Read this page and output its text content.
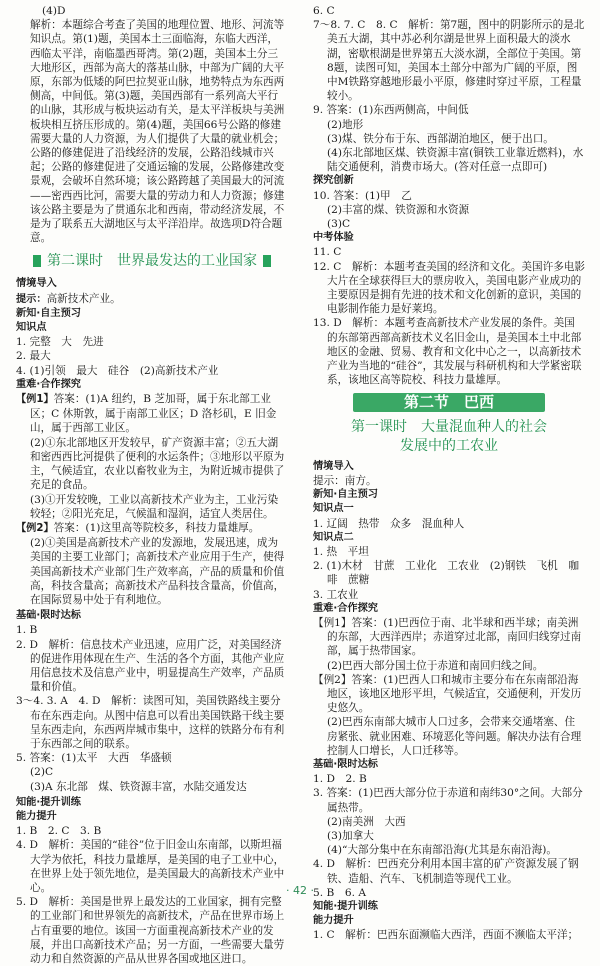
(4)D

解析：本题综合考查了美国的地理位置、地形、河流等知识点。第(1)题，美国本土三面临海，东临大西洋，西临太平洋，南临墨西哥湾。第(2)题，美国本土分三大地形区，西部为高大的落基山脉，中部为广阔的大平原，东部为低矮的阿巴拉契亚山脉，地势特点为东西两侧高，中间低。第(3)题，美国西部有一系列高大平行的山脉，其形成与板块运动有关，是太平洋板块与美洲板块相互挤压形成的。第(4)题，美国66号公路的修建需要大量的人力资源，为人们提供了大量的就业机会；公路的修建促进了沿线经济的发展，公路沿线城市兴起；公路的修建促进了交通运输的发展，公路修建改变景观，会破坏自然环境；该公路跨越了美国最大的河流——密西西比河，需要大量的劳动力和人力资源；修建该公路主要是为了贯通东北和西南，带动经济发展，不是为了联系五大湖地区与太平洋沿岸。故选项D符合题意。

第二课时　世界最发达的工业国家

情境导入

提示：高新技术产业。

新知·自主预习

知识点

1. 完整　大　先进

2. 最大

4. (1)引领　最大　硅谷　(2)高新技术产业

重难·合作探究

【例1】答案：(1)A 纽约，B 芝加哥，属于东北部工业区；C 休斯敦，属于南部工业区；D 洛杉矶，E 旧金山，属于西部工业区。

(2)①东北部地区开发较早，矿产资源丰富；②五大湖和密西西比河提供了便利的水运条件；③地形以平原为主，气候适宜，农业以畜牧业为主，为附近城市提供了充足的食品。

(3)①开发较晚，工业以高新技术产业为主，工业污染较轻；②阳光充足，气候温和湿润，适宜人类居住。

【例2】答案：(1)这里高等院校多，科技力量雄厚。

(2)①美国是高新技术产业的发源地，发展迅速，成为美国的主要工业部门；高新技术产业应用于生产，使得美国高新技术产业部门生产效率高，产品的质量和价值高，科技含量高；高新技术产品科技含量高，价值高，在国际贸易中处于有利地位。

基础·限时达标

1. B

2. D　解析：信息技术产业迅速，应用广泛，对美国经济的促进作用体现在生产、生活的各个方面，其他产业应用信息技术及信息产业中，明显提高生产效率，产品质量和价值。

3～4. 3. A　4. D　解析：读图可知，美国铁路线主要分布在东西走向。从图中信息可以看出美国铁路干线主要呈东西走向，东西两岸城市集中，这样的铁路分布有利于东西部之间的联系。

5. 答案：(1)太平　大西　华盛顿

(2)C

(3)A 东北部　煤、铁资源丰富，水陆交通发达

知能·提升训练

能力提升

1. B　2. C　3. B

4. D　解析：美国的“硅谷”位于旧金山东南部，以斯坦福大学为依托，科技力量雄厚，是美国的电子工业中心，在世界上处于领先地位，是美国最大的高新技术产业中心。

5. D　解析：美国是世界上最发达的工业国家，拥有完整的工业部门和世界领先的高新技术，产品在世界市场上占有重要的地位。该国一方面重视高新技术产业的发展，并出口高新技术产品；另一方面，一些需要大量劳动力和自然资源的产品从世界各国或地区进口。

6. C

7～8. 7. C　8. C　解析：第7题，图中的阴影所示的是北美五大湖，其中苏必利尔湖是世界上面积最大的淡水湖，密歇根湖是世界第五大淡水湖，全部位于美国。第8题，读图可知，美国本土部分中部为广阔的平原，图中M铁路穿越地形最小平原，修建时穿过平原，工程量较小。

9. 答案：(1)东西两侧高，中间低

(2)地形

(3)煤、铁分布于东、西部湖泊地区，便于出口。

(4)东北部地区煤、铁资源丰富(铜铁工业靠近燃料)，水陆交通便利，消费市场大。(答对任意一点即可)

探究创新

10. 答案：(1)甲　乙

(2)丰富的煤、铁资源和水资源

(3)C

中考体验

11. C

12. C　解析：本题考查美国的经济和文化。美国许多电影大片在全球获得巨大的票房收入，美国电影产业成功的主要原因是拥有先进的技术和文化创新的意识，美国的电影制作能力是好莱坞。

13. D　解析：本题考查高新技术产业发展的条件。美国的东部第西部高新技术义名旧金山，是美国本土中北部地区的金融、贸易、教育和文化中心之一，以高新技术产业为当地的“硅谷”，其发展与科研机构和大学紧密联系，该地区高等院校、科技力量雄厚。

第二节　巴西
第一课时　大量混血种人的社会
发展中的工农业

情境导入

提示：南方。

新知·自主预习

知识点一

1. 辽阔　热带　众多　混血种人

知识点二

1. 热　平坦

2. (1)木材　甘蔗　工业化　工农业　(2)钢铁　飞机　咖啡　蔗糖

3. 工农业

重难·合作探究

【例1】答案：(1)巴西位于南、北半球和西半球；南美洲的东部，大西洋西岸；赤道穿过北部，南回归线穿过南部，属于热带国家。

(2)巴西大部分国土位于赤道和南回归线之间。

【例2】答案：(1)巴西人口和城市主要分布在东南部沿海地区，该地区地形平坦，气候适宜，交通便利，开发历史悠久。

(2)巴西东南部大城市人口过多，会带来交通堵塞、住房紧张、就业困难、环境恶化等问题。解决办法有合理控制人口增长，人口迁移等。

基础·限时达标

1. D　2. B

3. 答案：(1)巴西大部分位于赤道和南纬30°之间。大部分属热带。

(2)南美洲　大西

(3)加拿大

(4)“大部分集中在东南部沿海(尤其是东南沿海)。

4. D　解析：巴西充分利用本国丰富的矿产资源发展了钢铁、造船、汽车、飞机制造等现代工业。

5. B　6. A

知能·提升训练

能力提升

1. C　解析：巴西东面濒临大西洋，西面不濒临太平洋；

· 42 ·
